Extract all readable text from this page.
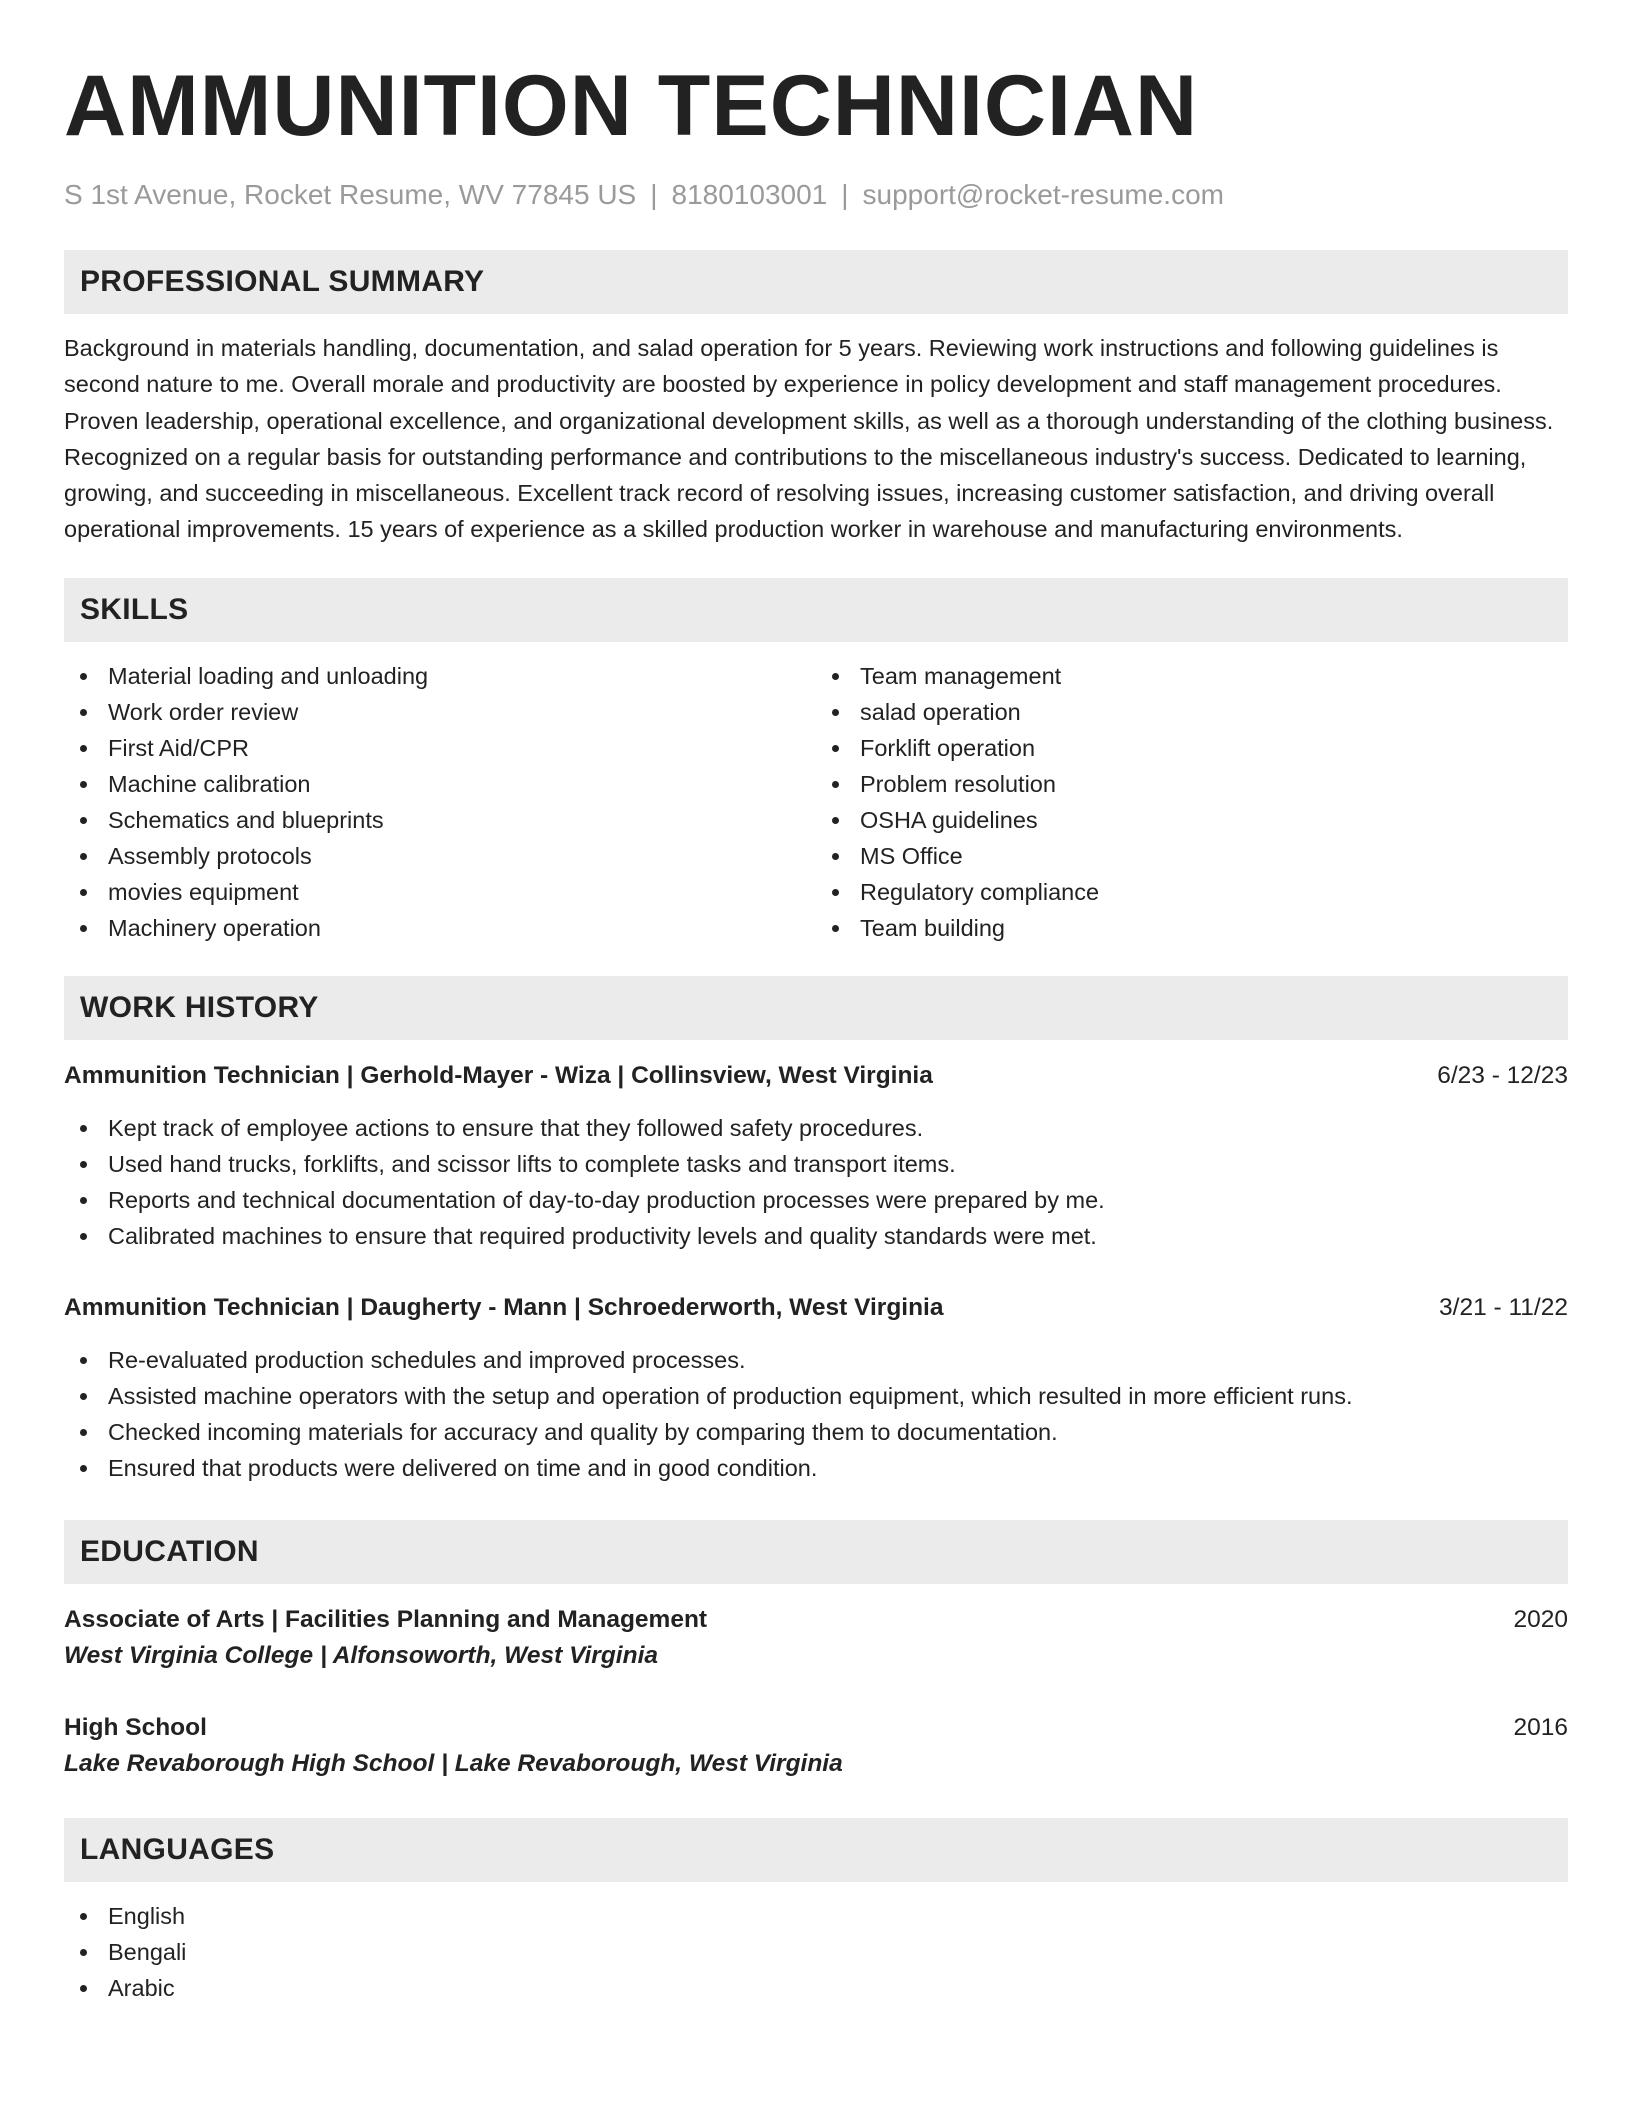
AMMUNITION TECHNICIAN
S 1st Avenue, Rocket Resume, WV 77845 US | 8180103001 | support@rocket-resume.com
PROFESSIONAL SUMMARY

Background in materials handling, documentation, and salad operation for 5 years. Reviewing work instructions and following guidelines is second nature to me. Overall morale and productivity are boosted by experience in policy development and staff management procedures. Proven leadership, operational excellence, and organizational development skills, as well as a thorough understanding of the clothing business. Recognized on a regular basis for outstanding performance and contributions to the miscellaneous industry's success. Dedicated to learning, growing, and succeeding in miscellaneous. Excellent track record of resolving issues, increasing customer satisfaction, and driving overall operational improvements. 15 years of experience as a skilled production worker in warehouse and manufacturing environments.

SKILLS
Material loading and unloading
Work order review
First Aid/CPR
Machine calibration
Schematics and blueprints
Assembly protocols
movies equipment
Machinery operation
Team management
salad operation
Forklift operation
Problem resolution
OSHA guidelines
MS Office
Regulatory compliance
Team building
WORK HISTORY
Ammunition Technician | Gerhold-Mayer - Wiza | Collinsview, West Virginia	6/23 - 12/23
Kept track of employee actions to ensure that they followed safety procedures.
Used hand trucks, forklifts, and scissor lifts to complete tasks and transport items.
Reports and technical documentation of day-to-day production processes were prepared by me.
Calibrated machines to ensure that required productivity levels and quality standards were met.
Ammunition Technician | Daugherty - Mann | Schroederworth, West Virginia	3/21 - 11/22
Re-evaluated production schedules and improved processes.
Assisted machine operators with the setup and operation of production equipment, which resulted in more efficient runs.
Checked incoming materials for accuracy and quality by comparing them to documentation.
Ensured that products were delivered on time and in good condition.
EDUCATION
Associate of Arts | Facilities Planning and Management	2020
West Virginia College | Alfonsoworth, West Virginia
High School	2016
Lake Revaborough High School | Lake Revaborough, West Virginia
LANGUAGES
English
Bengali
Arabic
